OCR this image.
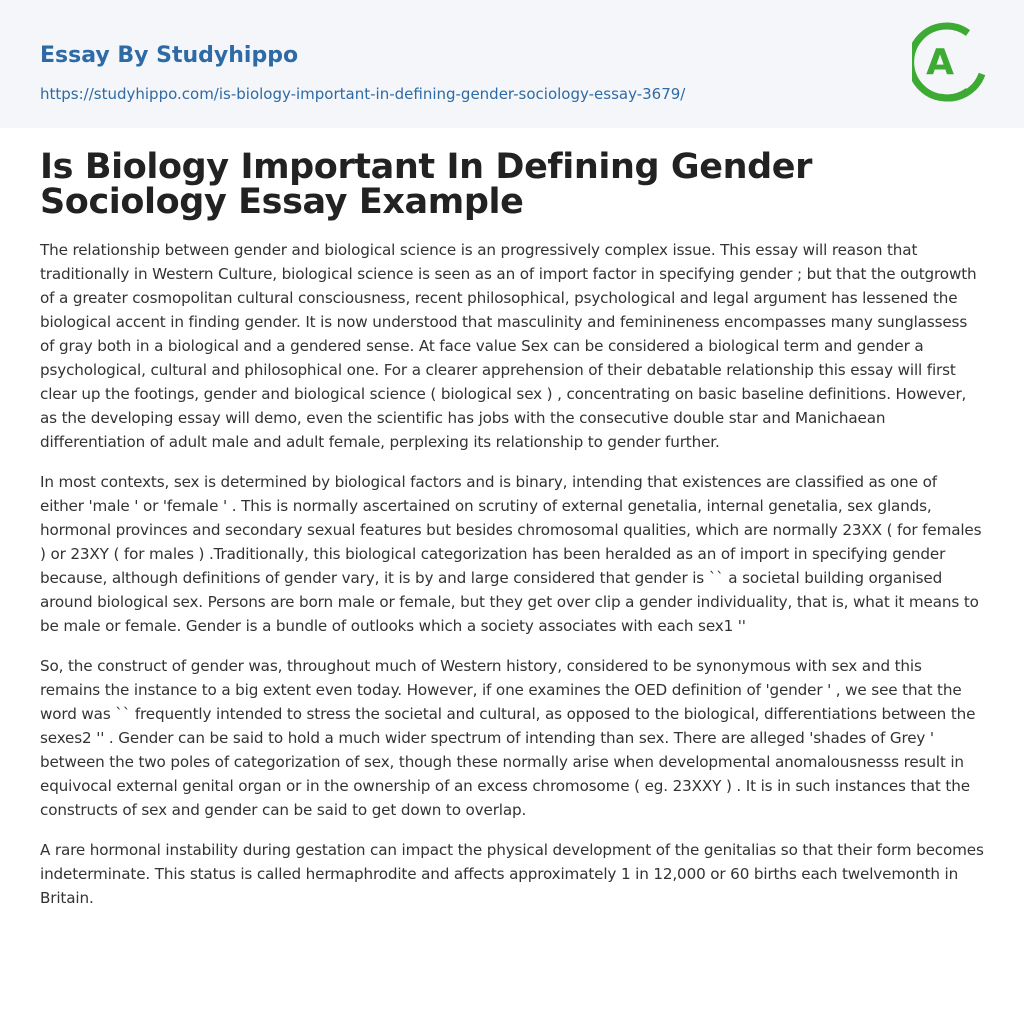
Essay By Studyhippo
https://studyhippo.com/is-biology-important-in-defining-gender-sociology-essay-3679/
A
Is Biology Important In Defining Gender Sociology Essay Example

The relationship between gender and biological science is an progressively complex issue. This essay will reason that traditionally in Western Culture, biological science is seen as an of import factor in specifying gender ; but that the outgrowth of a greater cosmopolitan cultural consciousness, recent philosophical, psychological and legal argument has lessened the biological accent in finding gender. It is now understood that masculinity and feminineness encompasses many sunglassess of gray both in a biological and a gendered sense. At face value Sex can be considered a biological term and gender a psychological, cultural and philosophical one. For a clearer apprehension of their debatable relationship this essay will first clear up the footings, gender and biological science ( biological sex ) , concentrating on basic baseline definitions. However, as the developing essay will demo, even the scientific has jobs with the consecutive double star and Manichaean differentiation of adult male and adult female, perplexing its relationship to gender further.

In most contexts, sex is determined by biological factors and is binary, intending that existences are classified as one of either 'male ' or 'female ' . This is normally ascertained on scrutiny of external genetalia, internal genetalia, sex glands, hormonal provinces and secondary sexual features but besides chromosomal qualities, which are normally 23XX ( for females ) or 23XY ( for males ) .Traditionally, this biological categorization has been heralded as an of import in specifying gender because, although definitions of gender vary, it is by and large considered that gender is `` a societal building organised around biological sex. Persons are born male or female, but they get over clip a gender individuality, that is, what it means to be male or female. Gender is a bundle of outlooks which a society associates with each sex1 ''

So, the construct of gender was, throughout much of Western history, considered to be synonymous with sex and this remains the instance to a big extent even today. However, if one examines the OED definition of 'gender ' , we see that the word was `` frequently intended to stress the societal and cultural, as opposed to the biological, differentiations between the sexes2 '' . Gender can be said to hold a much wider spectrum of intending than sex. There are alleged 'shades of Grey ' between the two poles of categorization of sex, though these normally arise when developmental anomalousnesss result in equivocal external genital organ or in the ownership of an excess chromosome ( eg. 23XXY ) . It is in such instances that the constructs of sex and gender can be said to get down to overlap.

A rare hormonal instability during gestation can impact the physical development of the genitalias so that their form becomes indeterminate. This status is called hermaphrodite and affects approximately 1 in 12,000 or 60 births each twelvemonth in Britain.
